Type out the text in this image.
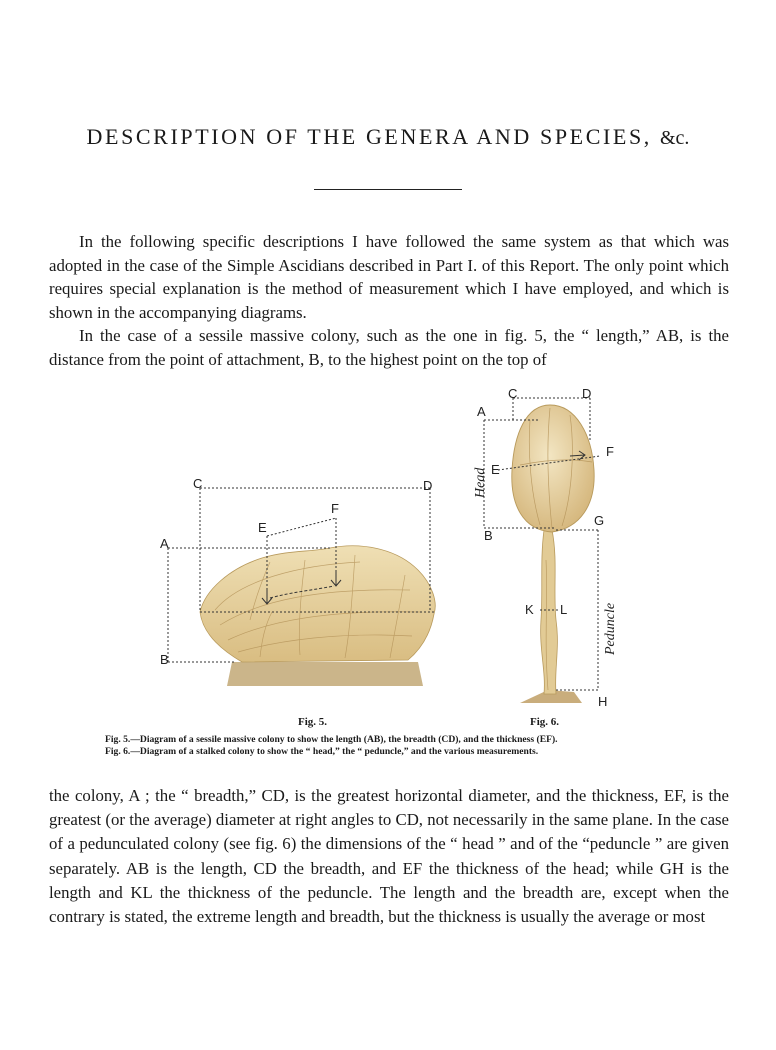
DESCRIPTION OF THE GENERA AND SPECIES, &c.

In the following specific descriptions I have followed the same system as that which was adopted in the case of the Simple Ascidians described in Part I. of this Report. The only point which requires special explanation is the method of measurement which I have employed, and which is shown in the accompanying diagrams.

In the case of a sessile massive colony, such as the one in fig. 5, the “ length,” AB, is the distance from the point of attachment, B, to the highest point on the top of

C	D
A
B
E
F
A
B
C	D
E
F
G
H
K L
Head
Peduncle

Fig. 5.	Fig. 6.

Fig. 5.—Diagram of a sessile massive colony to show the length (AB), the breadth (CD), and the thickness (EF).

Fig. 6.—Diagram of a stalked colony to show the “ head,” the “ peduncle,” and the various measurements.

the colony, A ; the “ breadth,” CD, is the greatest horizontal diameter, and the thickness, EF, is the greatest (or the average) diameter at right angles to CD, not necessarily in the same plane. In the case of a pedunculated colony (see fig. 6) the dimensions of the “ head ” and of the “peduncle ” are given separately. AB is the length, CD the breadth, and EF the thickness of the head; while GH is the length and KL the thickness of the peduncle. The length and the breadth are, except when the contrary is stated, the extreme length and breadth, but the thickness is usually the average or most
